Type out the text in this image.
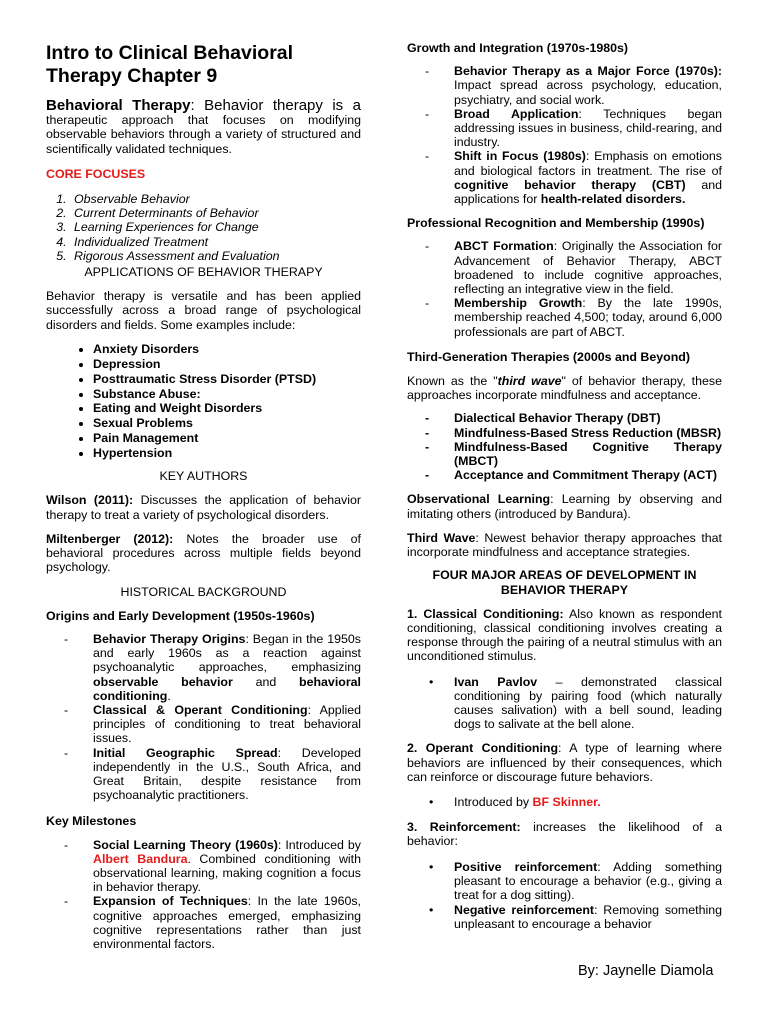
Intro to Clinical Behavioral Therapy Chapter 9

Behavioral Therapy: Behavior therapy is a therapeutic approach that focuses on modifying observable behaviors through a variety of structured and scientifically validated techniques.

CORE FOCUSES
1. Observable Behavior
2. Current Determinants of Behavior
3. Learning Experiences for Change
4. Individualized Treatment
5. Rigorous Assessment and Evaluation
APPLICATIONS OF BEHAVIOR THERAPY

Behavior therapy is versatile and has been applied successfully across a broad range of psychological disorders and fields. Some examples include:

• Anxiety Disorders
• Depression
• Posttraumatic Stress Disorder (PTSD)
• Substance Abuse:
• Eating and Weight Disorders
• Sexual Problems
• Pain Management
• Hypertension
KEY AUTHORS

Wilson (2011): Discusses the application of behavior therapy to treat a variety of psychological disorders.

Miltenberger (2012): Notes the broader use of behavioral procedures across multiple fields beyond psychology.

HISTORICAL BACKGROUND
Origins and Early Development (1950s-1960s)
- Behavior Therapy Origins: Began in the 1950s and early 1960s as a reaction against psychoanalytic approaches, emphasizing observable behavior and behavioral conditioning.
- Classical & Operant Conditioning: Applied principles of conditioning to treat behavioral issues.
- Initial Geographic Spread: Developed independently in the U.S., South Africa, and Great Britain, despite resistance from psychoanalytic practitioners.
Key Milestones
- Social Learning Theory (1960s): Introduced by Albert Bandura. Combined conditioning with observational learning, making cognition a focus in behavior therapy.
- Expansion of Techniques: In the late 1960s, cognitive approaches emerged, emphasizing cognitive representations rather than just environmental factors.
Growth and Integration (1970s-1980s)
- Behavior Therapy as a Major Force (1970s): Impact spread across psychology, education, psychiatry, and social work.
- Broad Application: Techniques began addressing issues in business, child-rearing, and industry.
- Shift in Focus (1980s): Emphasis on emotions and biological factors in treatment. The rise of cognitive behavior therapy (CBT) and applications for health-related disorders.
Professional Recognition and Membership (1990s)
- ABCT Formation: Originally the Association for Advancement of Behavior Therapy, ABCT broadened to include cognitive approaches, reflecting an integrative view in the field.
- Membership Growth: By the late 1990s, membership reached 4,500; today, around 6,000 professionals are part of ABCT.
Third-Generation Therapies (2000s and Beyond)

Known as the "third wave" of behavior therapy, these approaches incorporate mindfulness and acceptance.

- Dialectical Behavior Therapy (DBT)
- Mindfulness-Based Stress Reduction (MBSR)
- Mindfulness-Based Cognitive Therapy (MBCT)
- Acceptance and Commitment Therapy (ACT)

Observational Learning: Learning by observing and imitating others (introduced by Bandura).

Third Wave: Newest behavior therapy approaches that incorporate mindfulness and acceptance strategies.

FOUR MAJOR AREAS OF DEVELOPMENT IN BEHAVIOR THERAPY

1. Classical Conditioning: Also known as respondent conditioning, classical conditioning involves creating a response through the pairing of a neutral stimulus with an unconditioned stimulus.

• Ivan Pavlov – demonstrated classical conditioning by pairing food (which naturally causes salivation) with a bell sound, leading dogs to salivate at the bell alone.

2. Operant Conditioning: A type of learning where behaviors are influenced by their consequences, which can reinforce or discourage future behaviors.

• Introduced by BF Skinner.

3. Reinforcement: increases the likelihood of a behavior:

• Positive reinforcement: Adding something pleasant to encourage a behavior (e.g., giving a treat for a dog sitting).
• Negative reinforcement: Removing something unpleasant to encourage a behavior
By: Jaynelle Diamola
